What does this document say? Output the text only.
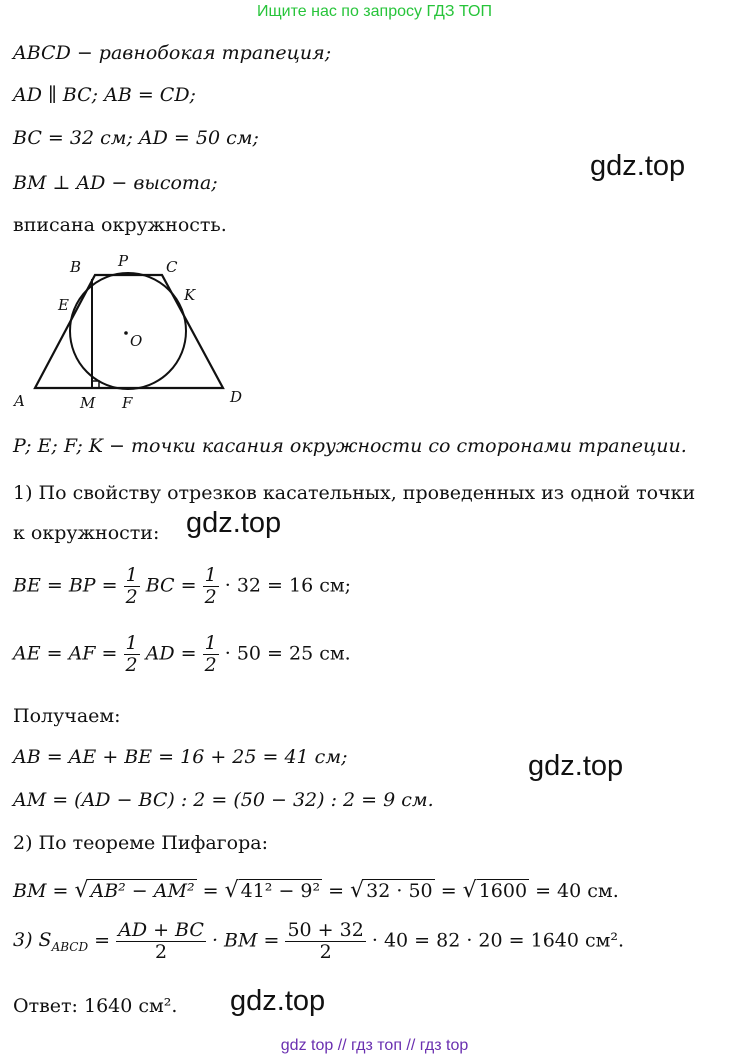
Ищите нас по запросу ГДЗ ТОП
ABCD − равнобокая трапеция;
AD ∥ BC; AB = CD;
BC = 32 см; AD = 50 см;
BM ⊥ AD − высота;
вписана окружность.
gdz.top
B P	C
E
K
O
A	M F	D
P; E; F; K − точки касания окружности со сторонами трапеции.
1) По свойству отрезков касательных, проведенных из одной точки
к окружности: gdz.top
BE = BP = $\frac{1}{2}$ BC = $\frac{1}{2} \cdot 32 = 16$ см;
AE = AF = $\frac{1}{2}$ AD = $\frac{1}{2} \cdot 50 = 25$ см.
Получаем:
AB = AE + BE = 16 + 25 = 41 см;	gdz.top
AM = (AD − BC) : 2 = (50 − 32) : 2 = 9 см.
2) По теореме Пифагора:
BM = √ AB² − AM² = √ 41² − 9² = √ 32 · 50 = √ 1600 = 40 см.
3) $S_{ABCD} = \frac{AD + BC}{2}$ · BM = $\frac{50 + 32}{2} \cdot 40 = 82 \cdot 20 = 1640$ см².
Ответ: 1640 см². gdz.top
gdz top // гдз топ // гдз top
